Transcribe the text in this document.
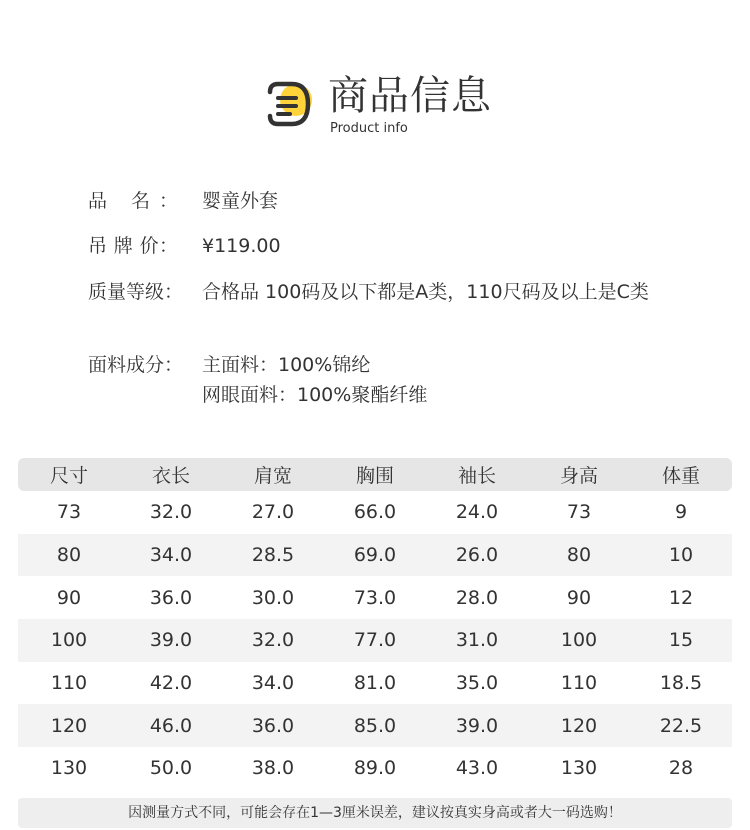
商品信息
Product info
品 名：	婴童外套
吊 牌 价：	¥119.00
质量等级： 合格品 100码及以下都是A类，110尺码及以上是C类
面料成分： 主面料：100%锦纶
网眼面料：100%聚酯纤维
尺寸	衣长	肩宽	胸围	袖长	身高	体重
73	32.0	27.0	66.0	24.0	73	9
80	34.0	28.5	69.0	26.0	80	10
90	36.0	30.0	73.0	28.0	90	12
100	39.0	32.0	77.0	31.0	100	15
110	42.0	34.0	81.0	35.0	110	18.5
120	46.0	36.0	85.0	39.0	120	22.5
130	50.0	38.0	89.0	43.0	130	28
因测量方式不同，可能会存在1—3厘米误差，建议按真实身高或者大一码选购！
